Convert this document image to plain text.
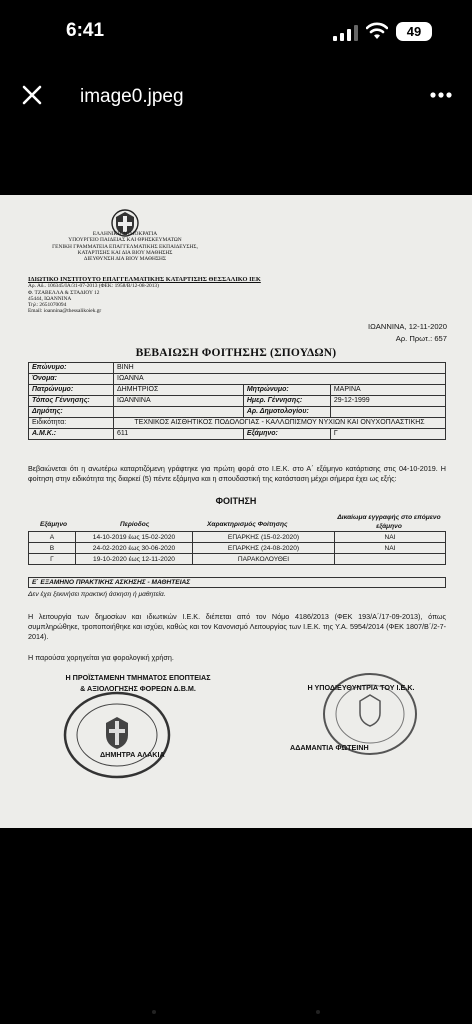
6:41	49
image0.jpeg
ΕΛΛΗΝΙΚΗ ΔΗΜΟΚΡΑΤΙΑ
ΥΠΟΥΡΓΕΙΟ ΠΑΙΔΕΙΑΣ ΚΑΙ ΘΡΗΣΚΕΥΜΑΤΩΝ
ΓΕΝΙΚΗ ΓΡΑΜΜΑΤΕΙΑ ΕΠΑΓΓΕΛΜΑΤΙΚΗΣ ΕΚΠΑΙΔΕΥΣΗΣ,
ΚΑΤΑΡΤΙΣΗΣ ΚΑΙ ΔΙΑ ΒΙΟΥ ΜΑΘΗΣΗΣ
ΔΙΕΥΘΥΝΣΗ ΔΙΑ ΒΙΟΥ ΜΑΘΗΣΗΣ
ΙΔΙΩΤΙΚΟ ΙΝΣΤΙΤΟΥΤΟ ΕΠΑΓΓΕΛΜΑΤΙΚΗΣ ΚΑΤΑΡΤΙΣΗΣ ΘΕΣΣΑΛΙΚΟ ΙΕΚ
Αρ. Αδ.. 106345/ΙΑ/31-07-2013 (ΦΕΚ: 1958/Β/12-08-2013)
Φ. ΤΖΑΒΕΛΛΑ & ΣΤΑΔΙΟΥ 12
45444, ΙΩΑΝΝΙΝΑ
Τηλ: 2651070094
Email: ioannina@thessalikoiek.gr
ΙΩΑΝΝΙΝΑ, 12-11-2020
Αρ. Πρωτ.: 657
ΒΕΒΑΙΩΣΗ ΦΟΙΤΗΣΗΣ (ΣΠΟΥΔΩΝ)
Επώνυμο:	ΒΙΝΗ		
Όνομα:	ΙΩΑΝΝΑ		
Πατρώνυμο:	ΔΗΜΗΤΡΙΟΣ	Μητρώνυμο:	ΜΑΡΙΝΑ
Τόπος Γέννησης:	ΙΩΑΝΝΙΝΑ	Ημερ. Γέννησης:	29-12-1999
Δημότης:		Αρ. Δημοτολογίου:	
Ειδικότητα:	ΤΕΧΝΙΚΟΣ ΑΙΣΘΗΤΙΚΟΣ ΠΟΔΟΛΟΓΙΑΣ - ΚΑΛΛΩΠΙΣΜΟΥ ΝΥΧΙΩΝ ΚΑΙ ΟΝΥΧΟΠΛΑΣΤΙΚΗΣ		
Α.Μ.Κ.:	611	Εξάμηνο:	Γ
Βεβαιώνεται ότι η ανωτέρω καταρτιζόμενη γράφτηκε για πρώτη φορά στο Ι.Ε.Κ. στο Α΄ εξάμηνο κατάρτισης στις 04-10-2019. Η φοίτηση στην ειδικότητα της διαρκεί (5) πέντε εξάμηνα και η σπουδαστική της κατάσταση μέχρι σήμερα έχει ως εξής:
ΦΟΙΤΗΣΗ
Εξάμηνο	Περίοδος	Χαρακτηρισμός Φοίτησης
Δικαίωμα εγγραφής στο επόμενο εξάμηνο
Α	14-10-2019 έως 15-02-2020	ΕΠΑΡΚΗΣ (15-02-2020)	ΝΑΙ
Β	24-02-2020 έως 30-06-2020	ΕΠΑΡΚΗΣ (24-08-2020)	ΝΑΙ
Γ	19-10-2020 έως 12-11-2020	ΠΑΡΑΚΟΛΟΥΘΕΙ	
Ε΄ ΕΞΑΜΗΝΟ ΠΡΑΚΤΙΚΗΣ ΑΣΚΗΣΗΣ - ΜΑΘΗΤΕΙΑΣ
Δεν έχει ξεκινήσει πρακτική άσκηση ή μαθητεία.
Η λειτουργία των δημοσίων και ιδιωτικών Ι.Ε.Κ. διέπεται από τον Νόμο 4186/2013 (ΦΕΚ 193/Α΄/17-09-2013), όπως συμπληρώθηκε, τροποποιήθηκε και ισχύει, καθώς και τον Κανονισμό Λειτουργίας των Ι.Ε.Κ. της Υ.Α. 5954/2014 (ΦΕΚ 1807/Β΄/2-7-2014).
Η παρούσα χορηγείται για φορολογική χρήση.
Η ΠΡΟΪΣΤΑΜΕΝΗ ΤΜΗΜΑΤΟΣ ΕΠΟΠΤΕΙΑΣ
& ΑΞΙΟΛΟΓΗΣΗΣ ΦΟΡΕΩΝ Δ.Β.Μ.
ΔΗΜΗΤΡΑ ΑΛΑΚΙΑ
Η ΥΠΟΔΙΕΥΘΥΝΤΡΙΑ ΤΟΥ Ι.Ε.Κ.
ΑΔΑΜΑΝΤΙΑ ΦΩΤΕΙΝΗ
